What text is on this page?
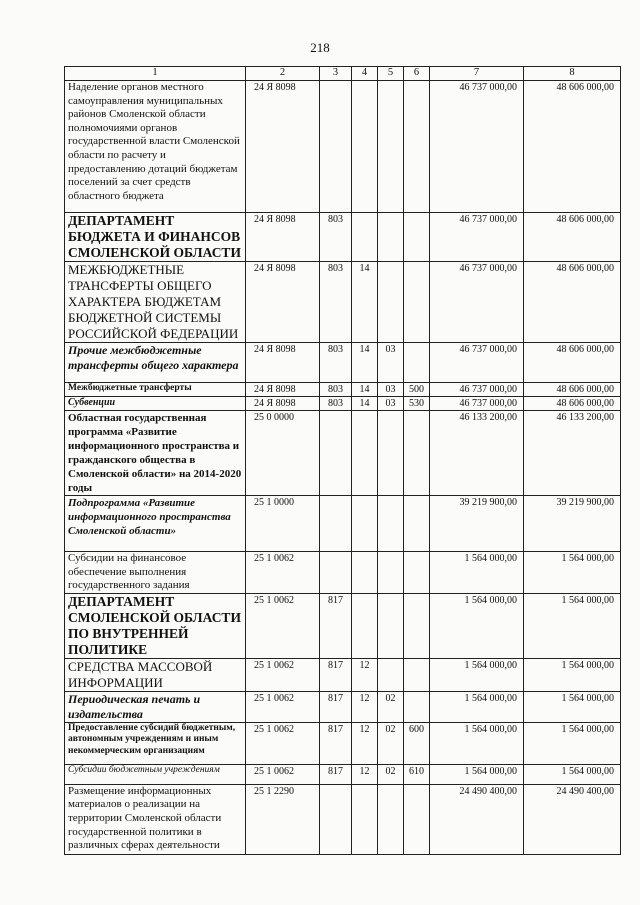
218
1	2	3	4	5	6	7	8
Наделение органов местного самоуправления муниципальных районов Смоленской области полномочиями органов государственной власти Смоленской области по расчету и предоставлению дотаций бюджетам поселений за счет средств областного бюджета	24 Я 8098					46 737 000,00	48 606 000,00
ДЕПАРТАМЕНТ БЮДЖЕТА И ФИНАНСОВ СМОЛЕНСКОЙ ОБЛАСТИ	24 Я 8098	803				46 737 000,00	48 606 000,00
МЕЖБЮДЖЕТНЫЕ ТРАНСФЕРТЫ ОБЩЕГО ХАРАКТЕРА БЮДЖЕТАМ БЮДЖЕТНОЙ СИСТЕМЫ РОССИЙСКОЙ ФЕДЕРАЦИИ	24 Я 8098	803	14			46 737 000,00	48 606 000,00
Прочие межбюджетные трансферты общего характера	24 Я 8098	803	14	03		46 737 000,00	48 606 000,00
Межбюджетные трансферты	24 Я 8098	803	14	03	500	46 737 000,00	48 606 000,00
Субвенции	24 Я 8098	803	14	03	530	46 737 000,00	48 606 000,00
Областная государственная программа «Развитие информационного пространства и гражданского общества в Смоленской области» на 2014-2020 годы	25 0 0000					46 133 200,00	46 133 200,00
Подпрограмма «Развитие информационного пространства Смоленской области»	25 1 0000					39 219 900,00	39 219 900,00
Субсидии на финансовое обеспечение выполнения государственного задания	25 1 0062					1 564 000,00	1 564 000,00
ДЕПАРТАМЕНТ СМОЛЕНСКОЙ ОБЛАСТИ ПО ВНУТРЕННЕЙ ПОЛИТИКЕ	25 1 0062	817				1 564 000,00	1 564 000,00
СРЕДСТВА МАССОВОЙ ИНФОРМАЦИИ	25 1 0062	817	12			1 564 000,00	1 564 000,00
Периодическая печать и издательства	25 1 0062	817	12	02		1 564 000,00	1 564 000,00
Предоставление субсидий бюджетным, автономным учреждениям и иным некоммерческим организациям	25 1 0062	817	12	02	600	1 564 000,00	1 564 000,00
Субсидии бюджетным учреждениям	25 1 0062	817	12	02	610	1 564 000,00	1 564 000,00
Размещение информационных материалов о реализации на территории Смоленской области государственной политики в различных сферах деятельности	25 1 2290					24 490 400,00	24 490 400,00
